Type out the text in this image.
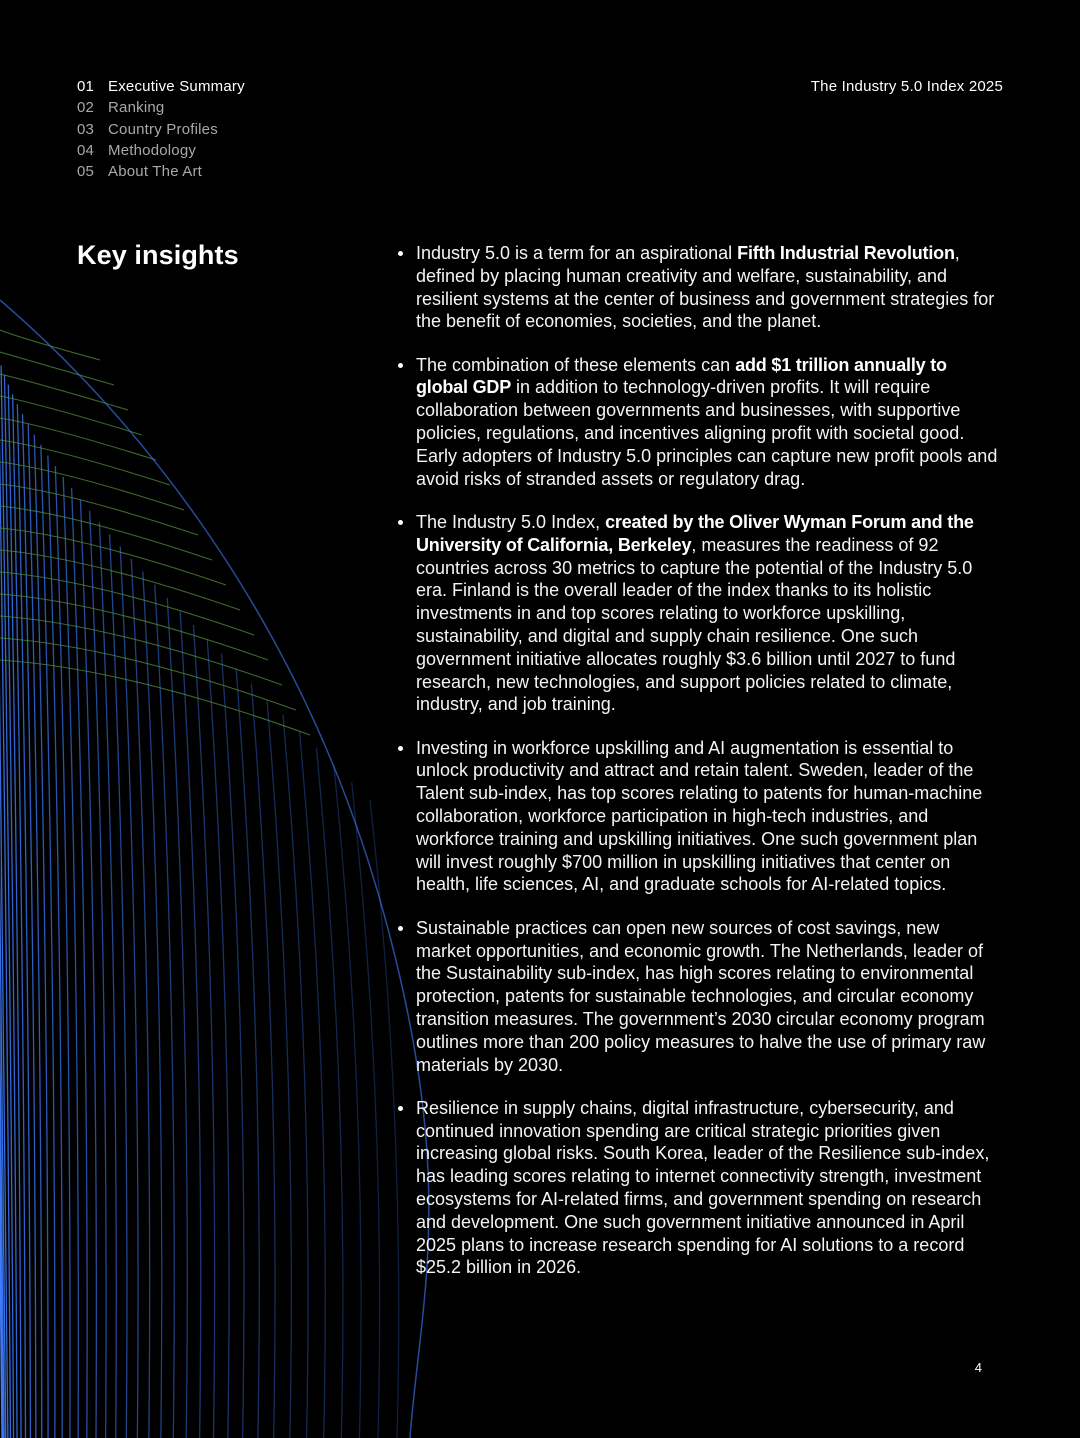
01 Executive Summary
02 Ranking
03 Country Profiles
04 Methodology
05 About The Art
The Industry 5.0 Index 2025
Key insights	Industry 5.0 is a term for an aspirational Fifth Industrial Revolution, defined by placing human creativity and welfare, sustainability, and resilient systems at the center of business and government strategies for the benefit of economies, societies, and the planet.
The combination of these elements can add $1 trillion annually to global GDP in addition to technology-driven profits. It will require collaboration between governments and businesses, with supportive policies, regulations, and incentives aligning profit with societal good. Early adopters of Industry 5.0 principles can capture new profit pools and avoid risks of stranded assets or regulatory drag.
The Industry 5.0 Index, created by the Oliver Wyman Forum and the University of California, Berkeley, measures the readiness of 92 countries across 30 metrics to capture the potential of the Industry 5.0 era. Finland is the overall leader of the index thanks to its holistic investments in and top scores relating to workforce upskilling, sustainability, and digital and supply chain resilience. One such government initiative allocates roughly $3.6 billion until 2027 to fund research, new technologies, and support policies related to climate, industry, and job training.
Investing in workforce upskilling and AI augmentation is essential to unlock productivity and attract and retain talent. Sweden, leader of the Talent sub-index, has top scores relating to patents for human-machine collaboration, workforce participation in high-tech industries, and workforce training and upskilling initiatives. One such government plan will invest roughly $700 million in upskilling initiatives that center on health, life sciences, AI, and graduate schools for AI-related topics.
Sustainable practices can open new sources of cost savings, new market opportunities, and economic growth. The Netherlands, leader of the Sustainability sub-index, has high scores relating to environmental protection, patents for sustainable technologies, and circular economy transition measures. The government’s 2030 circular economy program outlines more than 200 policy measures to halve the use of primary raw materials by 2030.
Resilience in supply chains, digital infrastructure, cybersecurity, and continued innovation spending are critical strategic priorities given increasing global risks. South Korea, leader of the Resilience sub-index, has leading scores relating to internet connectivity strength, investment ecosystems for AI-related firms, and government spending on research and development. One such government initiative announced in April 2025 plans to increase research spending for AI solutions to a record $25.2 billion in 2026.
4
